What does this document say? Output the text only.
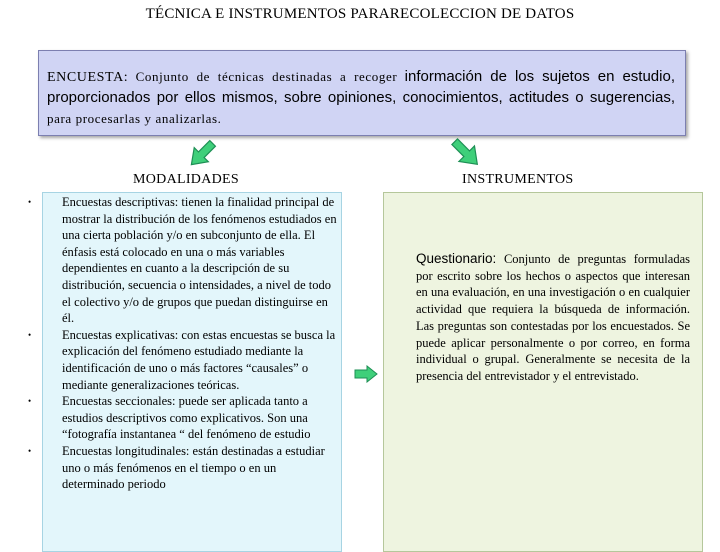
TÉCNICA E INSTRUMENTOS PARARECOLECCION DE DATOS
ENCUESTA: Conjunto de técnicas destinadas a recoger información de los sujetos en estudio, proporcionados por ellos mismos, sobre opiniones, conocimientos, actitudes o sugerencias, para procesarlas y analizarlas.
MODALIDADES	INSTRUMENTOS

•	Encuestas descriptivas: tienen la finalidad principal de mostrar la distribución de los fenómenos estudiados en una cierta población y/o en subconjunto de ella. El énfasis está colocado en una o más variables dependientes en cuanto a la descripción de su distribución, secuencia o intensidades, a nivel de todo el colectivo y/o de grupos que puedan distinguirse en él.

•	Encuestas explicativas: con estas encuestas se busca la explicación del fenómeno estudiado mediante la identificación de uno o más factores “causales” o mediante generalizaciones teóricas.

•	Encuestas seccionales: puede ser aplicada tanto a estudios descriptivos como explicativos. Son una “fotografía instantanea “ del fenómeno de estudio

•	Encuestas longitudinales: están destinadas a estudiar uno o más fenómenos en el tiempo o en un determinado periodo

Questionario: Conjunto de preguntas formuladas por escrito sobre los hechos o aspectos que interesan en una evaluación, en una investigación o en cualquier actividad que requiera la búsqueda de información. Las preguntas son contestadas por los encuestados. Se puede aplicar personalmente o por correo, en forma individual o grupal. Generalmente se necesita de la presencia del entrevistador y el entrevistado.
